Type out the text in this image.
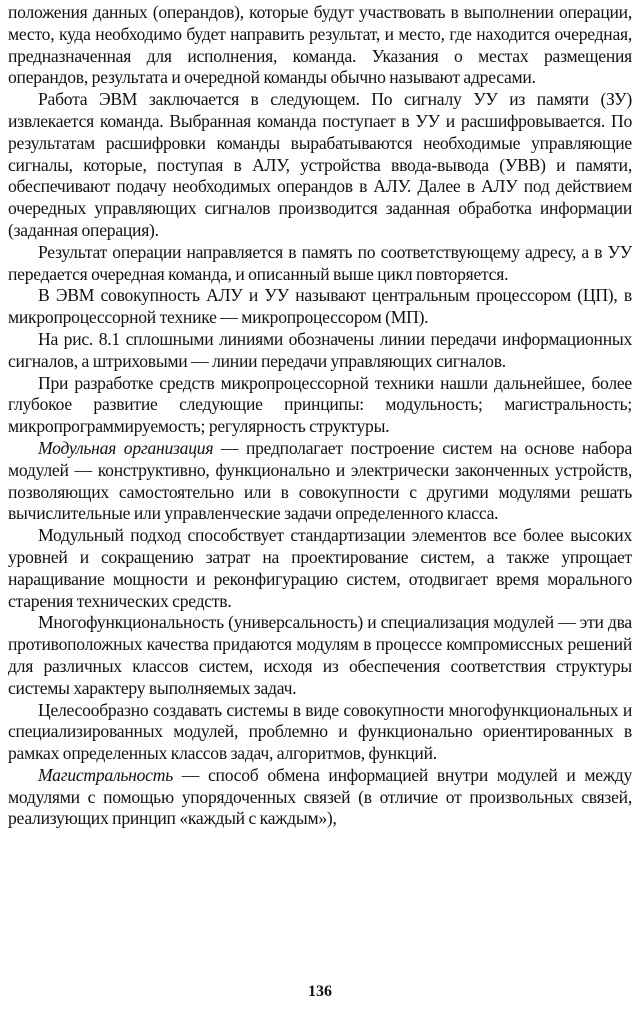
положения данных (операндов), которые будут участвовать в выполнении операции, место, куда необходимо будет направить результат, и место, где находится очередная, предназначенная для исполнения, команда. Указания о местах размещения операндов, результата и очередной команды обычно называют адресами.

Работа ЭВМ заключается в следующем. По сигналу УУ из памяти (ЗУ) извлекается команда. Выбранная команда поступает в УУ и расшифровывается. По результатам расшифровки команды вырабатываются необходимые управляющие сигналы, которые, поступая в АЛУ, устройства ввода-вывода (УВВ) и памяти, обеспечивают подачу необходимых операндов в АЛУ. Далее в АЛУ под действием очередных управляющих сигналов производится заданная обработка информации (заданная операция).

Результат операции направляется в память по соответствующему адресу, а в УУ передается очередная команда, и описанный выше цикл повторяется.

В ЭВМ совокупность АЛУ и УУ называют центральным процессором (ЦП), в микропроцессорной технике — микропроцессором (МП).

На рис. 8.1 сплошными линиями обозначены линии передачи информационных сигналов, а штриховыми — линии передачи управляющих сигналов.

При разработке средств микропроцессорной техники нашли дальнейшее, более глубокое развитие следующие принципы: модульность; магистральность; микропрограммируемость; регулярность структуры.

Модульная организация — предполагает построение систем на основе набора модулей — конструктивно, функционально и электрически законченных устройств, позволяющих самостоятельно или в совокупности с другими модулями решать вычислительные или управленческие задачи определенного класса.

Модульный подход способствует стандартизации элементов все более высоких уровней и сокращению затрат на проектирование систем, а также упрощает наращивание мощности и реконфигурацию систем, отодвигает время морального старения технических средств.

Многофункциональность (универсальность) и специализация модулей — эти два противоположных качества придаются модулям в процессе компромиссных решений для различных классов систем, исходя из обеспечения соответствия структуры системы характеру выполняемых задач.

Целесообразно создавать системы в виде совокупности многофункциональных и специализированных модулей, проблемно и функционально ориентированных в рамках определенных классов задач, алгоритмов, функций.

Магистральность — способ обмена информацией внутри модулей и между модулями с помощью упорядоченных связей (в отличие от произвольных связей, реализующих принцип «каждый с каждым»),

136
